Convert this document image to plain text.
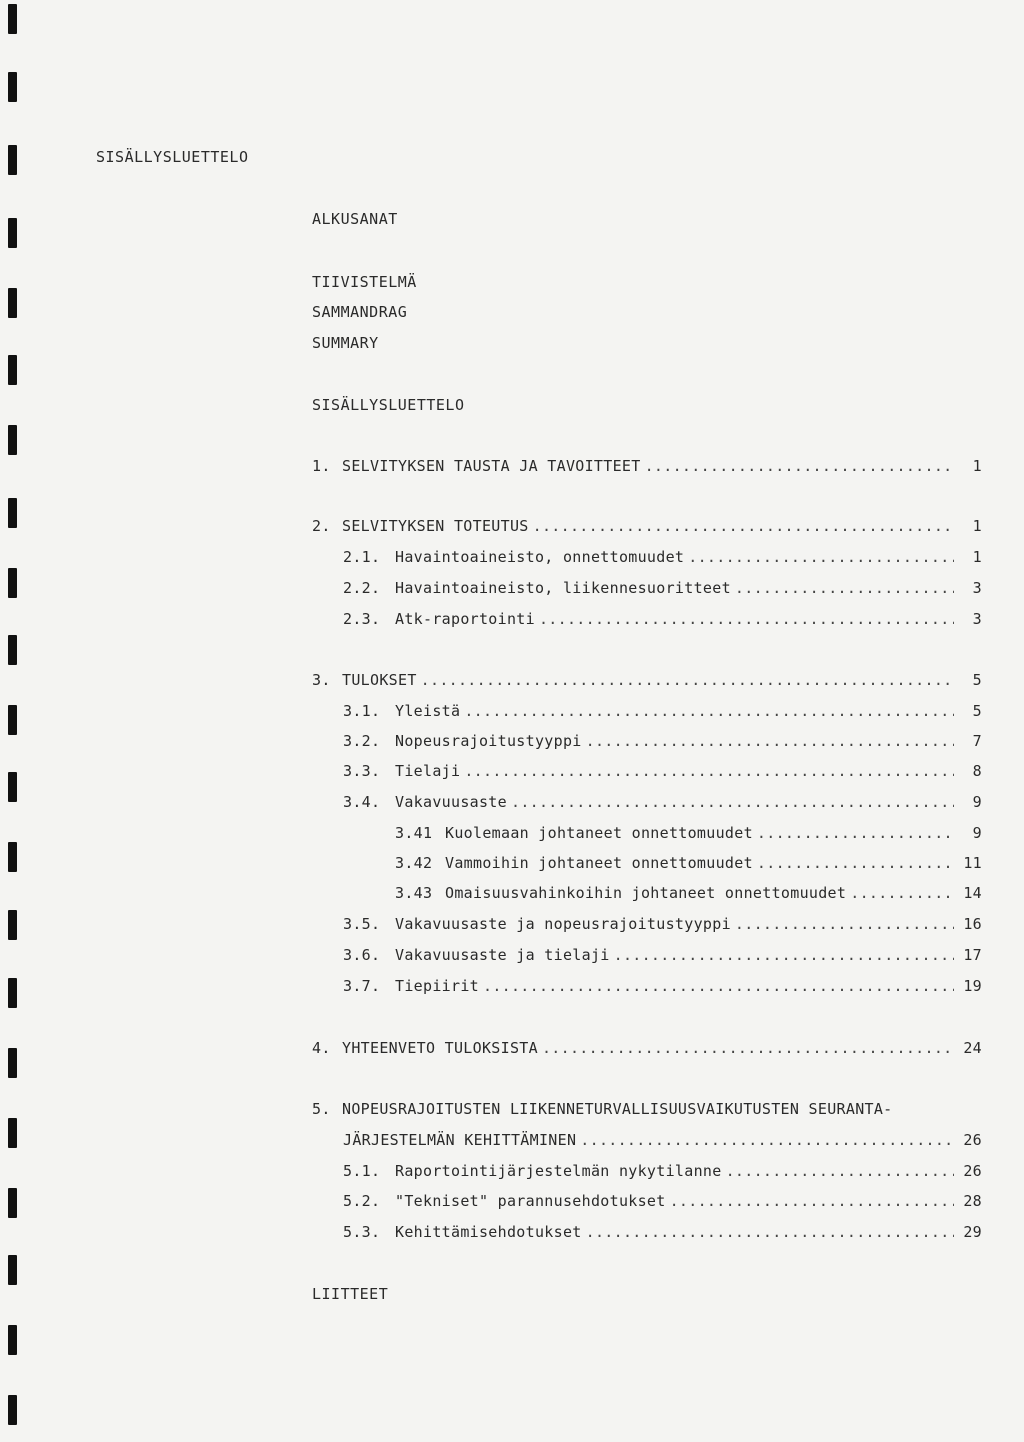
SISÄLLYSLUETTELO
ALKUSANAT
TIIVISTELMÄ
SAMMANDRAG
SUMMARY
SISÄLLYSLUETTELO
1. SELVITYKSEN TAUSTA JA TAVOITTEET .....	1
2. SELVITYKSEN TOTEUTUS .....	1
2.1. Havaintoaineisto, onnettomuudet .....	1
2.2. Havaintoaineisto, liikennesuoritteet .....	3
2.3. Atk-raportointi .....	3
3. TULOKSET .....	5
3.1. Yleistä .....	5
3.2. Nopeusrajoitustyyppi .....	7
3.3. Tielaji .....	8
3.4. Vakavuusaste .....	9
3.41 Kuolemaan johtaneet onnettomuudet .....	9
3.42 Vammoihin johtaneet onnettomuudet .....	11
3.43 Omaisuusvahinkoihin johtaneet onnettomuudet .....	14
3.5. Vakavuusaste ja nopeusrajoitustyyppi .....	16
3.6. Vakavuusaste ja tielaji .....	17
3.7. Tiepiirit .....	19
4. YHTEENVETO TULOKSISTA .....	24
5. NOPEUSRAJOITUSTEN LIIKENNETURVALLISUUSVAIKUTUSTEN SEURANTA-
JÄRJESTELMÄN KEHITTÄMINEN .....	26
5.1. Raportointijärjestelmän nykytilanne .....	26
5.2. "Tekniset" parannusehdotukset .....	28
5.3. Kehittämisehdotukset .....	29
LIITTEET
